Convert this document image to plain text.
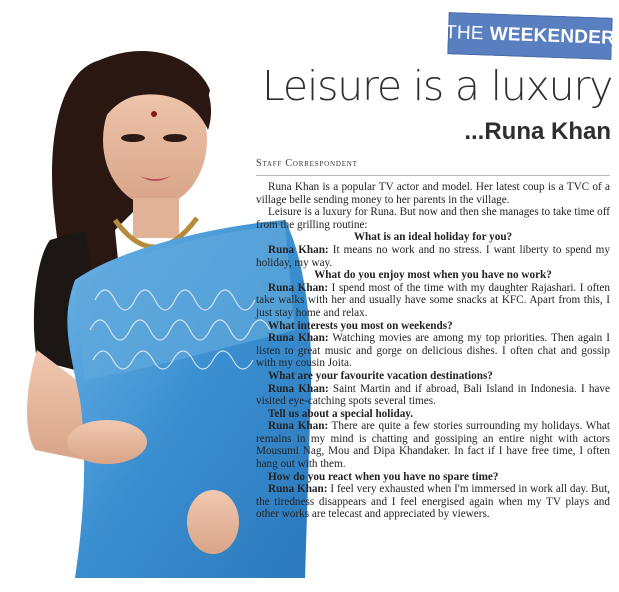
THE WEEKENDER
Leisure is a luxury
...Runa Khan
Staff Correspondent

Runa Khan is a popular TV actor and model. Her latest coup is a TVC of a village belle sending money to her parents in the village.

Leisure is a luxury for Runa. But now and then she manages to take time off from the grilling routine:

What is an ideal holiday for you?

Runa Khan: It means no work and no stress. I want liberty to spend my holiday, my way.

What do you enjoy most when you have no work?

Runa Khan: I spend most of the time with my daughter Rajashari. I often take walks with her and usually have some snacks at KFC. Apart from this, I just stay home and relax.

What interests you most on weekends?

Runa Khan: Watching movies are among my top priorities. Then again I listen to great music and gorge on delicious dishes. I often chat and gossip with my cousin Joita.

What are your favourite vacation destinations?

Runa Khan: Saint Martin and if abroad, Bali Island in Indonesia. I have visited eye-catching spots several times.

Tell us about a special holiday.

Runa Khan: There are quite a few stories surrounding my holidays. What remains in my mind is chatting and gossiping an entire night with actors Mousumi Nag, Mou and Dipa Khandaker. In fact if I have free time, I often hang out with them.

How do you react when you have no spare time?

Runa Khan: I feel very exhausted when I'm immersed in work all day. But, the tiredness disappears and I feel energised again when my TV plays and other works are telecast and appreciated by viewers.
